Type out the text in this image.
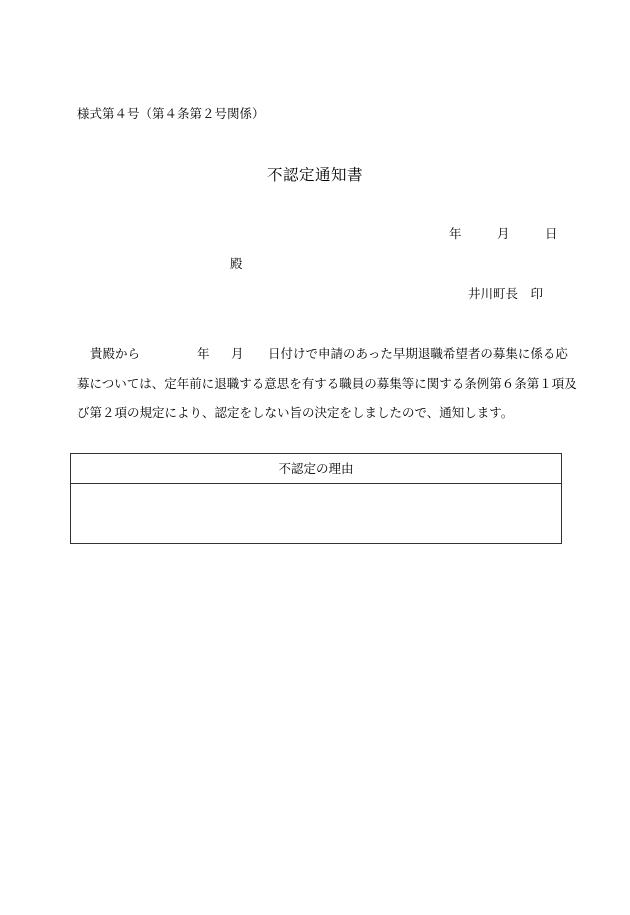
様式第４号（第４条第２号関係）
不認定通知書
年	月	日
殿
井川町長　印
貴殿から	年 月 日付けで申請のあった早期退職希望者の募集に係る応
募については、定年前に退職する意思を有する職員の募集等に関する条例第６条第１項及
び第２項の規定により、認定をしない旨の決定をしましたので、通知します。
不認定の理由
